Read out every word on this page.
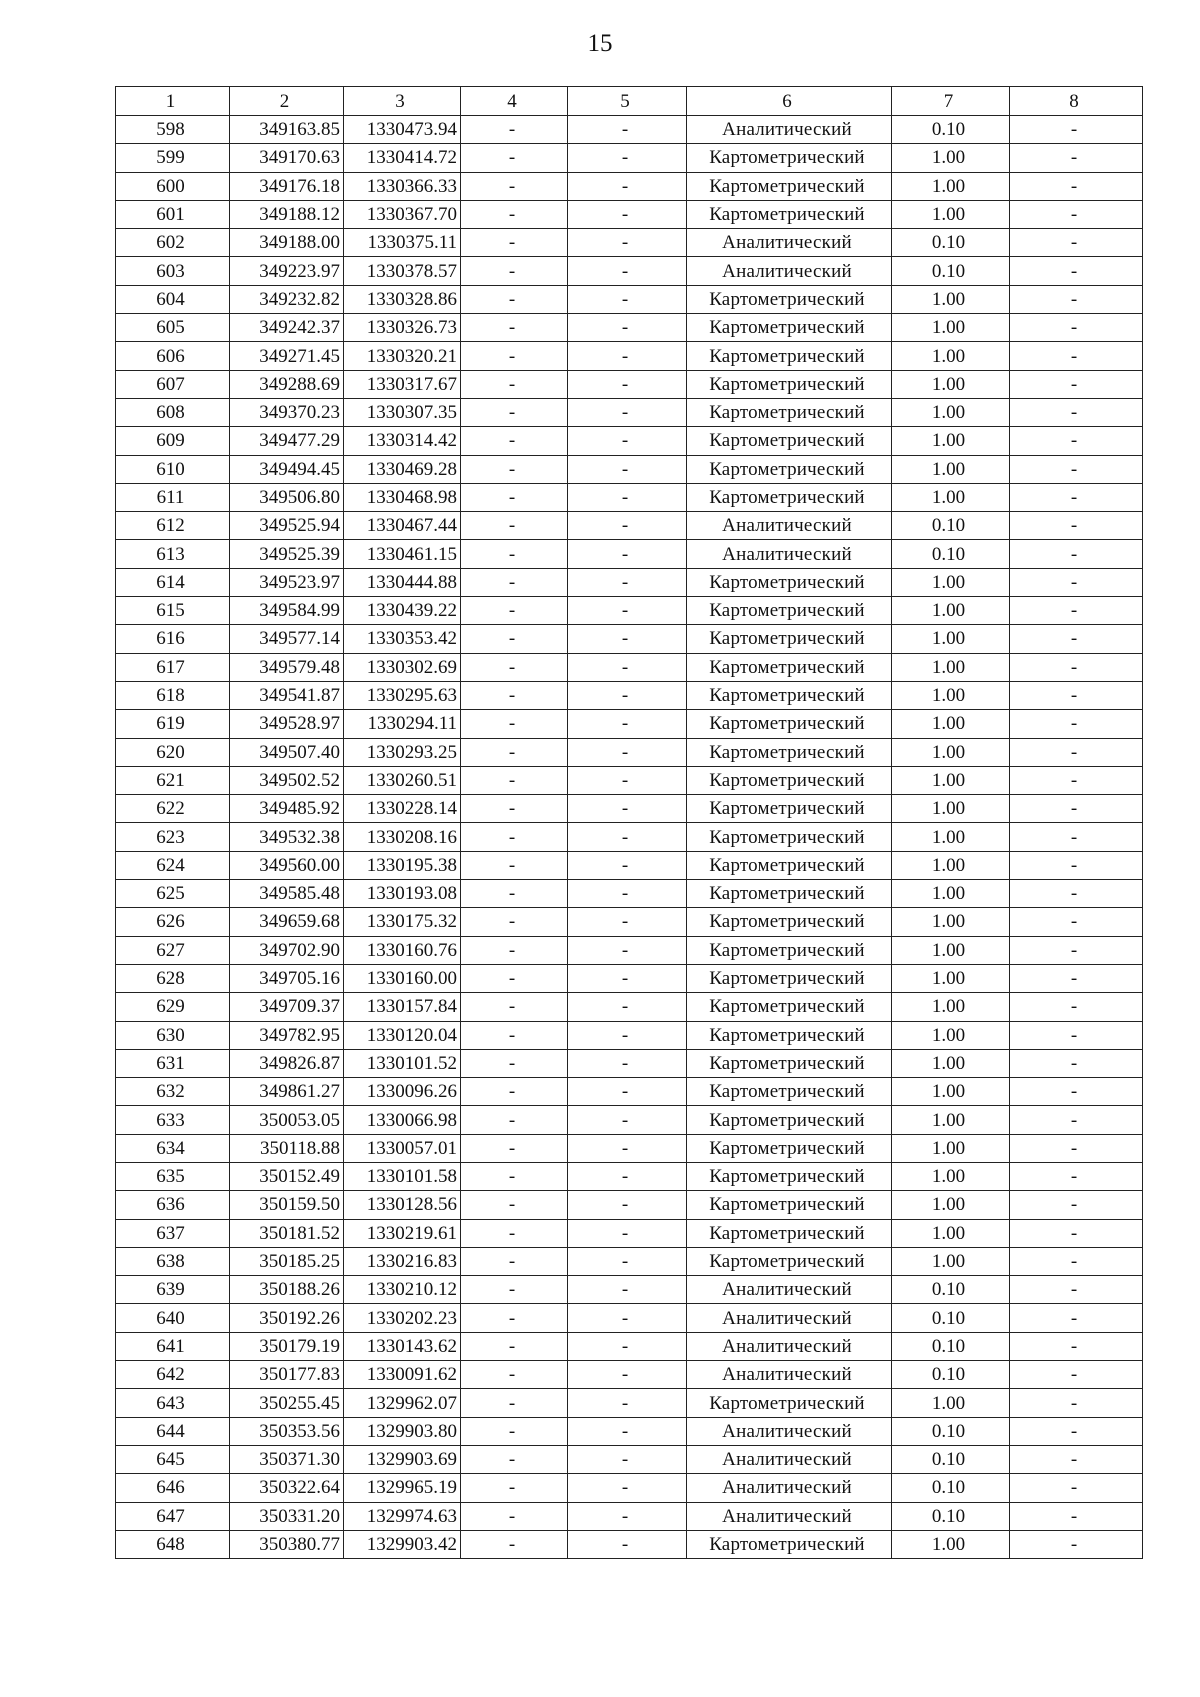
15
1	2	3	4	5	6	7	8
598	349163.85	1330473.94	-	-	Аналитический	0.10	-
599	349170.63	1330414.72	-	-	Картометрический	1.00	-
600	349176.18	1330366.33	-	-	Картометрический	1.00	-
601	349188.12	1330367.70	-	-	Картометрический	1.00	-
602	349188.00	1330375.11	-	-	Аналитический	0.10	-
603	349223.97	1330378.57	-	-	Аналитический	0.10	-
604	349232.82	1330328.86	-	-	Картометрический	1.00	-
605	349242.37	1330326.73	-	-	Картометрический	1.00	-
606	349271.45	1330320.21	-	-	Картометрический	1.00	-
607	349288.69	1330317.67	-	-	Картометрический	1.00	-
608	349370.23	1330307.35	-	-	Картометрический	1.00	-
609	349477.29	1330314.42	-	-	Картометрический	1.00	-
610	349494.45	1330469.28	-	-	Картометрический	1.00	-
611	349506.80	1330468.98	-	-	Картометрический	1.00	-
612	349525.94	1330467.44	-	-	Аналитический	0.10	-
613	349525.39	1330461.15	-	-	Аналитический	0.10	-
614	349523.97	1330444.88	-	-	Картометрический	1.00	-
615	349584.99	1330439.22	-	-	Картометрический	1.00	-
616	349577.14	1330353.42	-	-	Картометрический	1.00	-
617	349579.48	1330302.69	-	-	Картометрический	1.00	-
618	349541.87	1330295.63	-	-	Картометрический	1.00	-
619	349528.97	1330294.11	-	-	Картометрический	1.00	-
620	349507.40	1330293.25	-	-	Картометрический	1.00	-
621	349502.52	1330260.51	-	-	Картометрический	1.00	-
622	349485.92	1330228.14	-	-	Картометрический	1.00	-
623	349532.38	1330208.16	-	-	Картометрический	1.00	-
624	349560.00	1330195.38	-	-	Картометрический	1.00	-
625	349585.48	1330193.08	-	-	Картометрический	1.00	-
626	349659.68	1330175.32	-	-	Картометрический	1.00	-
627	349702.90	1330160.76	-	-	Картометрический	1.00	-
628	349705.16	1330160.00	-	-	Картометрический	1.00	-
629	349709.37	1330157.84	-	-	Картометрический	1.00	-
630	349782.95	1330120.04	-	-	Картометрический	1.00	-
631	349826.87	1330101.52	-	-	Картометрический	1.00	-
632	349861.27	1330096.26	-	-	Картометрический	1.00	-
633	350053.05	1330066.98	-	-	Картометрический	1.00	-
634	350118.88	1330057.01	-	-	Картометрический	1.00	-
635	350152.49	1330101.58	-	-	Картометрический	1.00	-
636	350159.50	1330128.56	-	-	Картометрический	1.00	-
637	350181.52	1330219.61	-	-	Картометрический	1.00	-
638	350185.25	1330216.83	-	-	Картометрический	1.00	-
639	350188.26	1330210.12	-	-	Аналитический	0.10	-
640	350192.26	1330202.23	-	-	Аналитический	0.10	-
641	350179.19	1330143.62	-	-	Аналитический	0.10	-
642	350177.83	1330091.62	-	-	Аналитический	0.10	-
643	350255.45	1329962.07	-	-	Картометрический	1.00	-
644	350353.56	1329903.80	-	-	Аналитический	0.10	-
645	350371.30	1329903.69	-	-	Аналитический	0.10	-
646	350322.64	1329965.19	-	-	Аналитический	0.10	-
647	350331.20	1329974.63	-	-	Аналитический	0.10	-
648	350380.77	1329903.42	-	-	Картометрический	1.00	-
